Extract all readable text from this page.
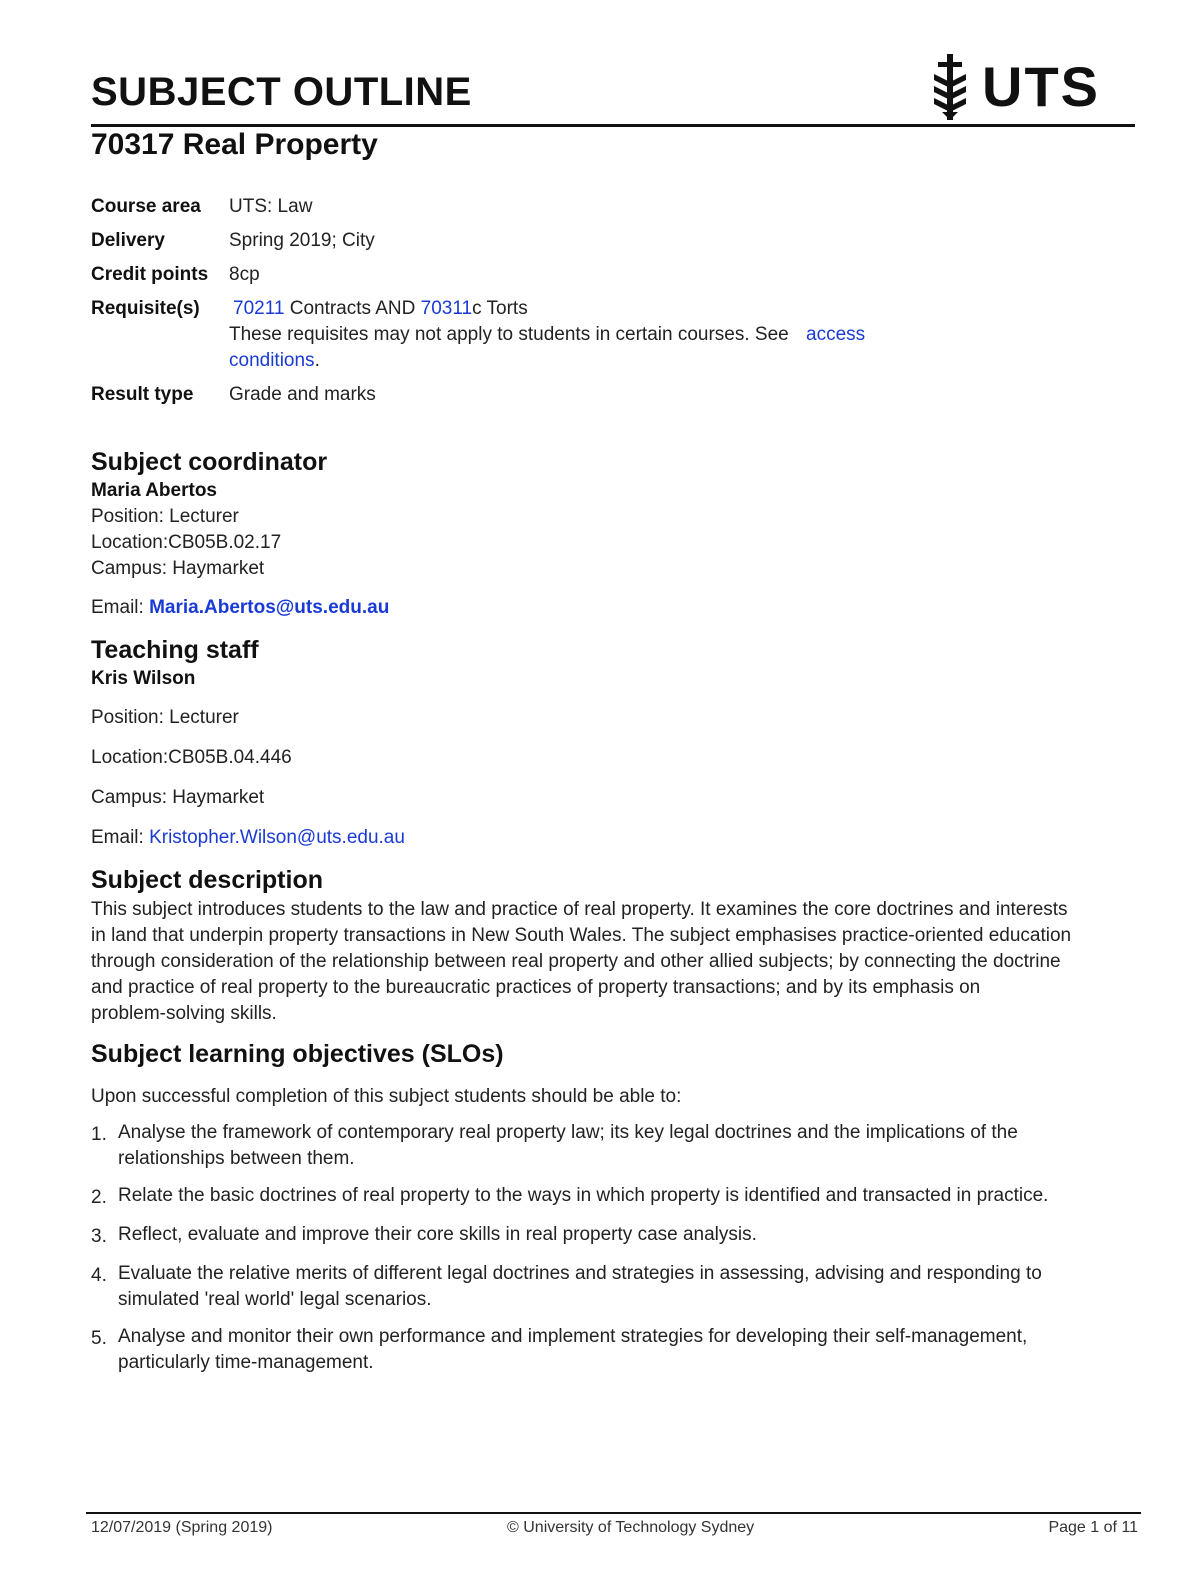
SUBJECT OUTLINE	UTS
70317 Real Property
Course area	UTS: Law
Delivery	Spring 2019; City
Credit points	8cp
Requisite(s)	70211 Contracts AND 70311c Torts
These requisites may not apply to students in certain courses. See access
conditions.
Result type	Grade and marks
Subject coordinator
Maria Abertos
Position: Lecturer
Location:CB05B.02.17
Campus: Haymarket
Email: Maria.Abertos@uts.edu.au
Teaching staff
Kris Wilson
Position: Lecturer
Location:CB05B.04.446
Campus: Haymarket
Email: Kristopher.Wilson@uts.edu.au
Subject description
This subject introduces students to the law and practice of real property. It examines the core doctrines and interests
in land that underpin property transactions in New South Wales. The subject emphasises practice-oriented education
through consideration of the relationship between real property and other allied subjects; by connecting the doctrine
and practice of real property to the bureaucratic practices of property transactions; and by its emphasis on
problem-solving skills.
Subject learning objectives (SLOs)
Upon successful completion of this subject students should be able to:
1. Analyse the framework of contemporary real property law; its key legal doctrines and the implications of the
relationships between them.
2. Relate the basic doctrines of real property to the ways in which property is identified and transacted in practice.
3. Reflect, evaluate and improve their core skills in real property case analysis.
4. Evaluate the relative merits of different legal doctrines and strategies in assessing, advising and responding to
simulated 'real world' legal scenarios.
5. Analyse and monitor their own performance and implement strategies for developing their self-management,
particularly time-management.
12/07/2019 (Spring 2019)	© University of Technology Sydney	Page 1 of 11
